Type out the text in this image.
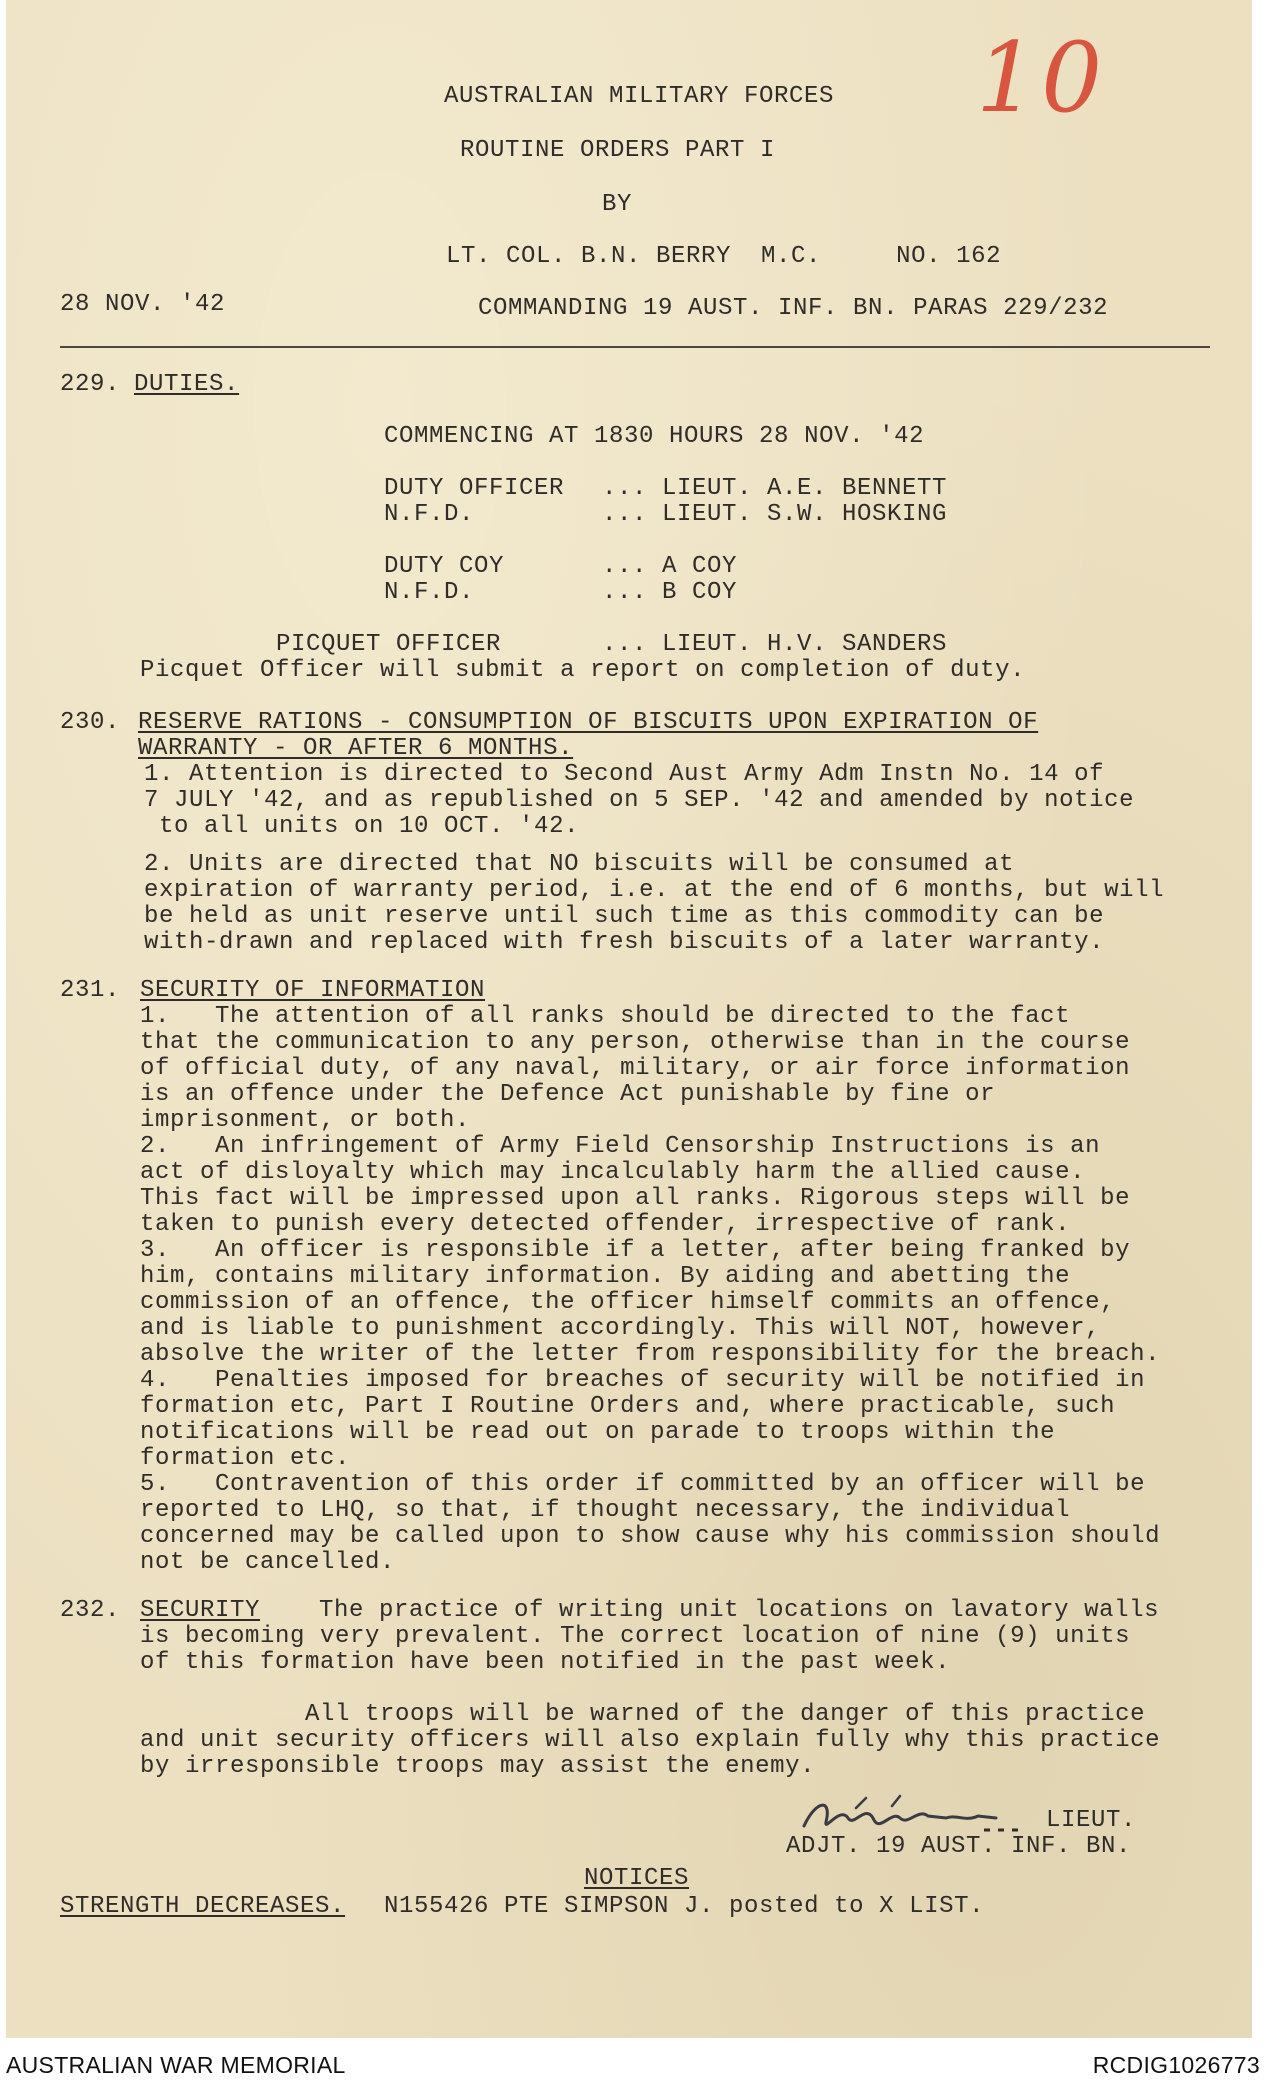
10
AUSTRALIAN MILITARY FORCES
ROUTINE ORDERS PART I
BY
LT. COL. B.N. BERRY  M.C.     NO. 162
28 NOV. '42	COMMANDING 19 AUST. INF. BN. PARAS 229/232
229. DUTIES.
COMMENCING AT 1830 HOURS 28 NOV. '42
DUTY OFFICER ... LIEUT. A.E. BENNETT
N.F.D.	... LIEUT. S.W. HOSKING
DUTY COY	... A COY
N.F.D.	... B COY
PICQUET OFFICER	... LIEUT. H.V. SANDERS
Picquet Officer will submit a report on completion of duty.
230. RESERVE RATIONS - CONSUMPTION OF BISCUITS UPON EXPIRATION OF
WARRANTY - OR AFTER 6 MONTHS.
1. Attention is directed to Second Aust Army Adm Instn No. 14 of
7 JULY '42, and as republished on 5 SEP. '42 and amended by notice
to all units on 10 OCT. '42.
2. Units are directed that NO biscuits will be consumed at
expiration of warranty period, i.e. at the end of 6 months, but will
be held as unit reserve until such time as this commodity can be
with-drawn and replaced with fresh biscuits of a later warranty.
231. SECURITY OF INFORMATION
1.   The attention of all ranks should be directed to the fact
that the communication to any person, otherwise than in the course
of official duty, of any naval, military, or air force information
is an offence under the Defence Act punishable by fine or
imprisonment, or both.
2.   An infringement of Army Field Censorship Instructions is an
act of disloyalty which may incalculably harm the allied cause.
This fact will be impressed upon all ranks. Rigorous steps will be
taken to punish every detected offender, irrespective of rank.
3.   An officer is responsible if a letter, after being franked by
him, contains military information. By aiding and abetting the
commission of an offence, the officer himself commits an offence,
and is liable to punishment accordingly. This will NOT, however,
absolve the writer of the letter from responsibility for the breach.
4.   Penalties imposed for breaches of security will be notified in
formation etc, Part I Routine Orders and, where practicable, such
notifications will be read out on parade to troops within the
formation etc.
5.   Contravention of this order if committed by an officer will be
reported to LHQ, so that, if thought necessary, the individual
concerned may be called upon to show cause why his commission should
not be cancelled.
232. SECURITY The practice of writing unit locations on lavatory walls
is becoming very prevalent. The correct location of nine (9) units
of this formation have been notified in the past week.
All troops will be warned of the danger of this practice
and unit security officers will also explain fully why this practice
by irresponsible troops may assist the enemy.
LIEUT.
ADJT. 19 AUST. INF. BN.
NOTICES
STRENGTH DECREASES. N155426 PTE SIMPSON J. posted to X LIST.
AUSTRALIAN WAR MEMORIAL	RCDIG1026773
